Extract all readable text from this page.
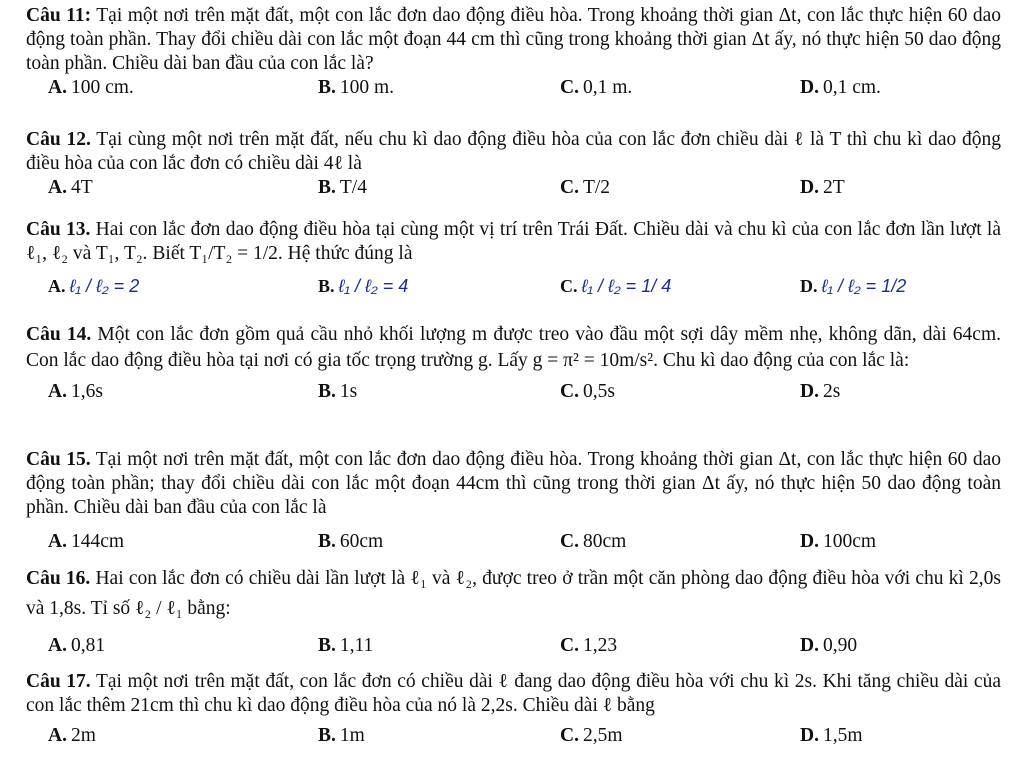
Câu 11: Tại một nơi trên mặt đất, một con lắc đơn dao động điều hòa. Trong khoảng thời gian Δt, con lắc thực hiện 60 dao động toàn phần. Thay đổi chiều dài con lắc một đoạn 44 cm thì cũng trong khoảng thời gian Δt ấy, nó thực hiện 50 dao động toàn phần. Chiều dài ban đầu của con lắc là?
A. 100 cm.	B. 100 m.	C. 0,1 m.	D. 0,1 cm.
Câu 12. Tại cùng một nơi trên mặt đất, nếu chu kì dao động điều hòa của con lắc đơn chiều dài ℓ là T thì chu kì dao động điều hòa của con lắc đơn có chiều dài 4ℓ là
A. 4T	B. T/4	C. T/2	D. 2T
Câu 13. Hai con lắc đơn dao động điều hòa tại cùng một vị trí trên Trái Đất. Chiều dài và chu kì của con lắc đơn lần lượt là ℓ₁, ℓ₂ và T₁, T₂. Biết T₁/T₂ = 1/2. Hệ thức đúng là
A. ℓ₁ / ℓ₂ = 2	B. ℓ₁ / ℓ₂ = 4	C. ℓ₁ / ℓ₂ = 1/ 4	D. ℓ₁ / ℓ₂ = 1/2
Câu 14. Một con lắc đơn gồm quả cầu nhỏ khối lượng m được treo vào đầu một sợi dây mềm nhẹ, không dãn, dài 64cm. Con lắc dao động điều hòa tại nơi có gia tốc trọng trường g. Lấy g = π² = 10m/s². Chu kì dao động của con lắc là:
A. 1,6s	B. 1s	C. 0,5s	D. 2s
Câu 15. Tại một nơi trên mặt đất, một con lắc đơn dao động điều hòa. Trong khoảng thời gian Δt, con lắc thực hiện 60 dao động toàn phần; thay đổi chiều dài con lắc một đoạn 44cm thì cũng trong thời gian Δt ấy, nó thực hiện 50 dao động toàn phần. Chiều dài ban đầu của con lắc là
A. 144cm	B. 60cm	C. 80cm	D. 100cm
Câu 16. Hai con lắc đơn có chiều dài lần lượt là ℓ₁ và ℓ₂, được treo ở trần một căn phòng dao động điều hòa với chu kì 2,0s và 1,8s. Tỉ số ℓ₂ / ℓ₁ bằng:
A. 0,81	B. 1,11	C. 1,23	D. 0,90
Câu 17. Tại một nơi trên mặt đất, con lắc đơn có chiều dài ℓ đang dao động điều hòa với chu kì 2s. Khi tăng chiều dài của con lắc thêm 21cm thì chu kì dao động điều hòa của nó là 2,2s. Chiều dài ℓ bằng
A. 2m	B. 1m	C. 2,5m	D. 1,5m
